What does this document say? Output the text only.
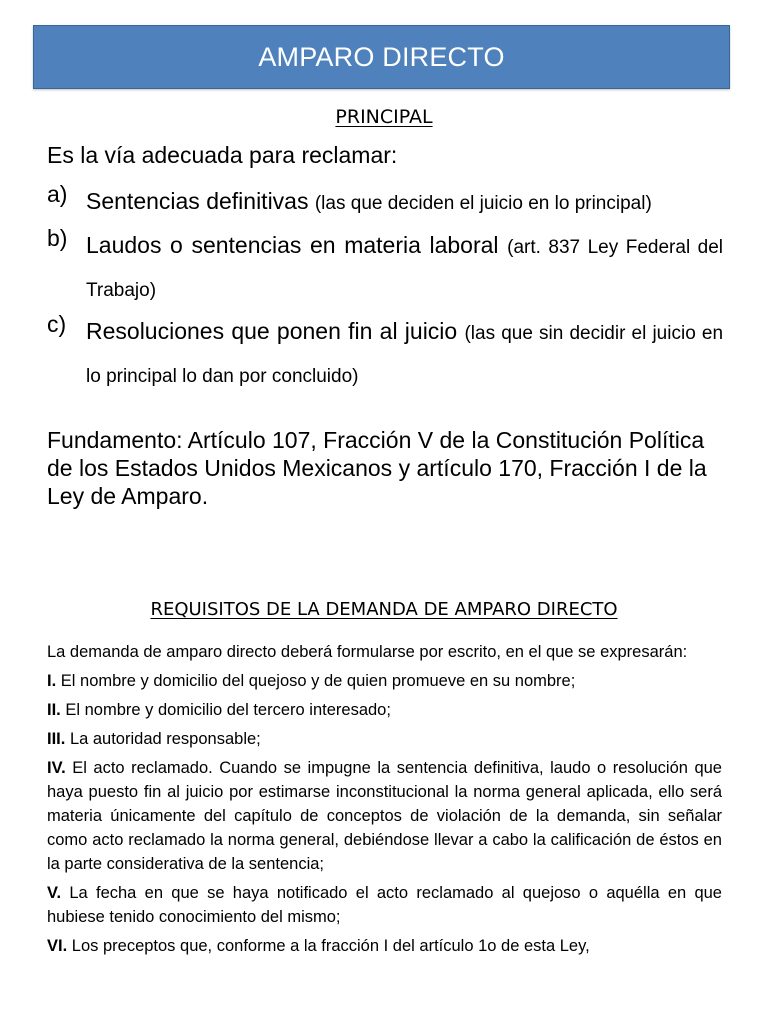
AMPARO DIRECTO
PRINCIPAL
Es la vía adecuada para reclamar:
a) Sentencias definitivas (las que deciden el juicio en lo principal)
b) Laudos o sentencias en materia laboral (art. 837 Ley Federal del Trabajo)
c) Resoluciones que ponen fin al juicio (las que sin decidir el juicio en lo principal lo dan por concluido)
Fundamento: Artículo 107, Fracción V de la Constitución Política de los Estados Unidos Mexicanos y artículo 170, Fracción I de la Ley de Amparo.
REQUISITOS DE LA DEMANDA DE AMPARO DIRECTO

La demanda de amparo directo deberá formularse por escrito, en el que se expresarán:

I. El nombre y domicilio del quejoso y de quien promueve en su nombre;

II. El nombre y domicilio del tercero interesado;

III. La autoridad responsable;

IV. El acto reclamado. Cuando se impugne la sentencia definitiva, laudo o resolución que haya puesto fin al juicio por estimarse inconstitucional la norma general aplicada, ello será materia únicamente del capítulo de conceptos de violación de la demanda, sin señalar como acto reclamado la norma general, debiéndose llevar a cabo la calificación de éstos en la parte considerativa de la sentencia;

V. La fecha en que se haya notificado el acto reclamado al quejoso o aquélla en que hubiese tenido conocimiento del mismo;

VI. Los preceptos que, conforme a la fracción I del artículo 1o de esta Ley,
